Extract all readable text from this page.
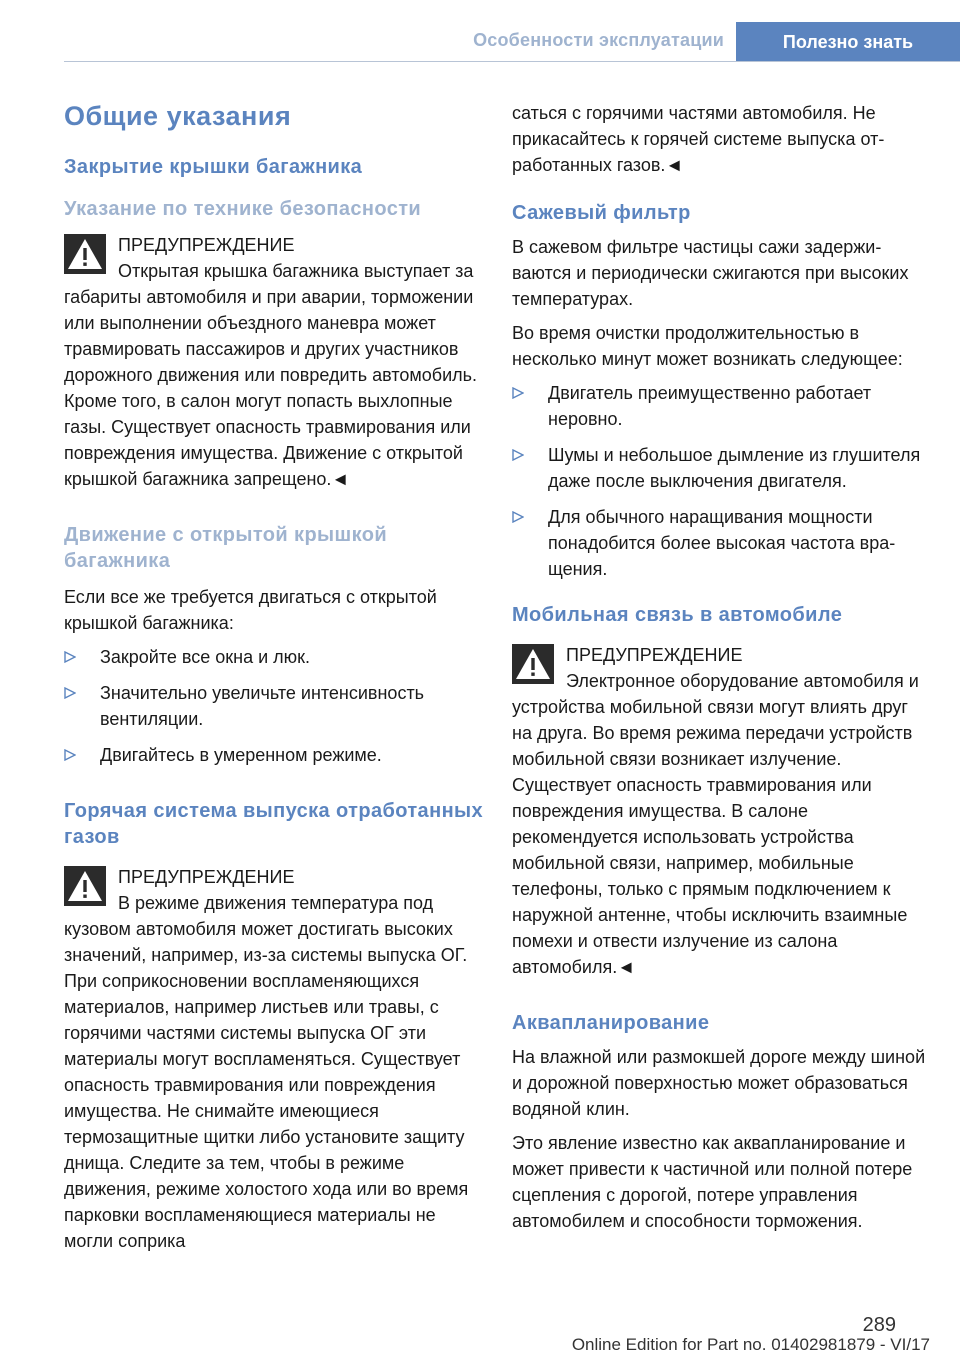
Особенности эксплуатации	Полезно знать
Общие указания
Закрытие крышки багажника
Указание по технике безопасности
ПРЕДУПРЕЖДЕНИЕ
Открытая крышка багажника выступает за габариты автомобиля и при аварии, торможении или выполнении объездного маневра может травмировать пассажиров и других участников дорожного движения или повредить автомобиль. Кроме того, в салон могут попасть выхлопные газы. Существует опасность травмирования или повреждения имущества. Движение с открытой крышкой багажника запрещено.◄
Движение с открытой крышкой багажника

Если все же требуется двигаться с открытой крышкой багажника:

Закройте все окна и люк.
Значительно увеличьте интенсивность вентиляции.
Двигайтесь в умеренном режиме.
Горячая система выпуска отработанных газов
ПРЕДУПРЕЖДЕНИЕ
В режиме движения температура под кузовом автомобиля может достигать высоких значений, например, из-за системы выпуска ОГ. При соприкосновении воспламеняющихся материалов, например листьев или травы, с горячими частями системы выпуска ОГ эти материалы могут воспламеняться. Существует опасность травмирования или повреждения имущества. Не снимайте имеющиеся термозащитные щитки либо установите защиту днища. Следите за тем, чтобы в режиме движения, режиме холостого хода или во время парковки воспламеняющиеся материалы не могли соприка

саться с горячими частями автомобиля. Не прикасайтесь к горячей системе выпуска отработанных газов.◄

Сажевый фильтр

В сажевом фильтре частицы сажи задерживаются и периодически сжигаются при высоких температурах.

Во время очистки продолжительностью в несколько минут может возникать следующее:

Двигатель преимущественно работает неровно.
Шумы и небольшое дымление из глушителя даже после выключения двигателя.
Для обычного наращивания мощности понадобится более высокая частота вращения.
Мобильная связь в автомобиле
ПРЕДУПРЕЖДЕНИЕ
Электронное оборудование автомобиля и устройства мобильной связи могут влиять друг на друга. Во время режима передачи устройств мобильной связи возникает излучение. Существует опасность травмирования или повреждения имущества. В салоне рекомендуется использовать устройства мобильной связи, например, мобильные телефоны, только с прямым подключением к наружной антенне, чтобы исключить взаимные помехи и отвести излучение из салона автомобиля.◄
Аквапланирование

На влажной или размокшей дороге между шиной и дорожной поверхностью может образоваться водяной клин.

Это явление известно как аквапланирование и может привести к частичной или полной потере сцепления с дорогой, потере управления автомобилем и способности торможения.

289
Online Edition for Part no. 01402981879 - VI/17
